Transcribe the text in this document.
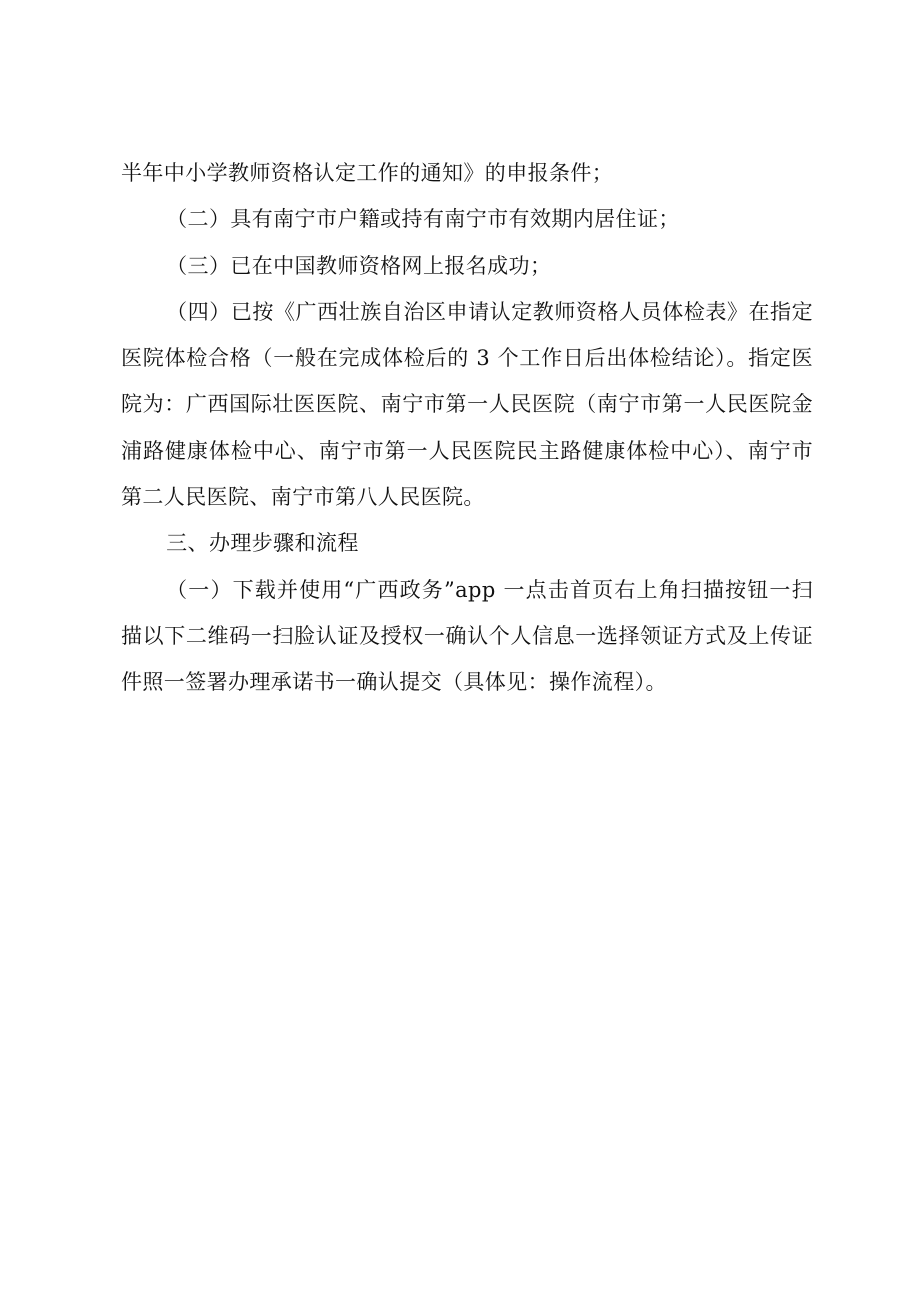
半年中小学教师资格认定工作的通知》的申报条件；

（二）具有南宁市户籍或持有南宁市有效期内居住证；

（三）已在中国教师资格网上报名成功；

（四）已按《广西壮族自治区申请认定教师资格人员体检表》在指定医院体检合格（一般在完成体检后的 3 个工作日后出体检结论）。指定医院为：广西国际壮医医院、南宁市第一人民医院（南宁市第一人民医院金浦路健康体检中心、南宁市第一人民医院民主路健康体检中心）、南宁市第二人民医院、南宁市第八人民医院。

三、办理步骤和流程

（一）下载并使用“广西政务”app 一点击首页右上角扫描按钮一扫描以下二维码一扫脸认证及授权一确认个人信息一选择领证方式及上传证件照一签署办理承诺书一确认提交（具体见：操作流程）。
